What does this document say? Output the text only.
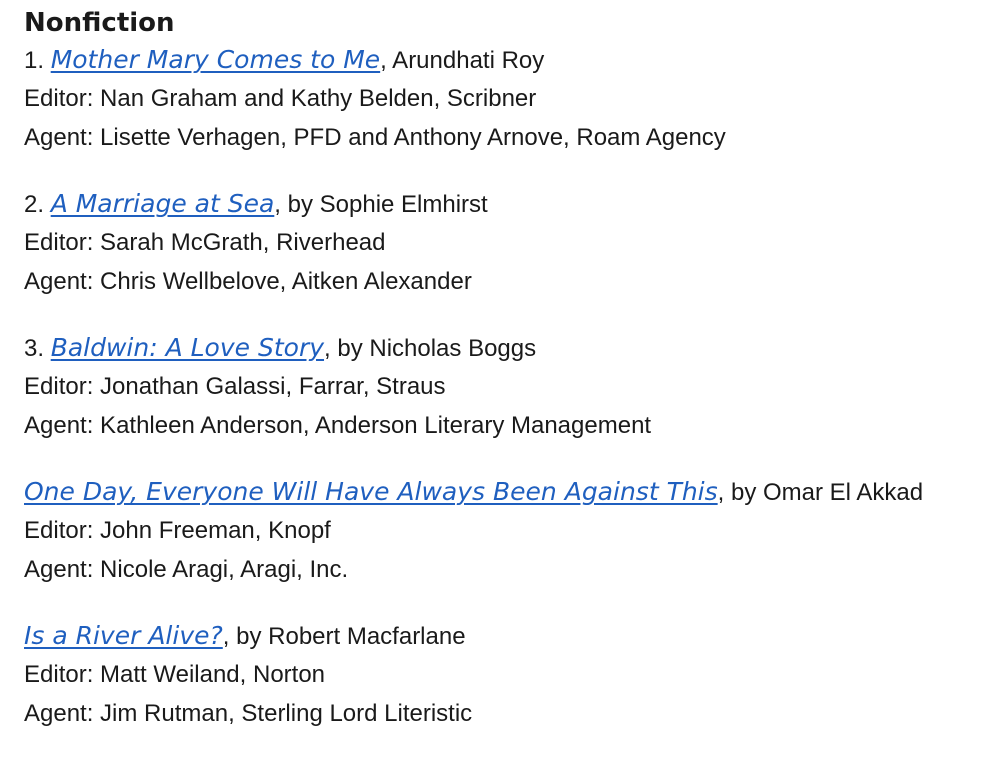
Nonfiction
1. Mother Mary Comes to Me, Arundhati Roy
Editor: Nan Graham and Kathy Belden, Scribner
Agent: Lisette Verhagen, PFD and Anthony Arnove, Roam Agency
2. A Marriage at Sea, by Sophie Elmhirst
Editor: Sarah McGrath, Riverhead
Agent: Chris Wellbelove, Aitken Alexander
3. Baldwin: A Love Story, by Nicholas Boggs
Editor: Jonathan Galassi, Farrar, Straus
Agent: Kathleen Anderson, Anderson Literary Management
One Day, Everyone Will Have Always Been Against This, by Omar El Akkad
Editor: John Freeman, Knopf
Agent: Nicole Aragi, Aragi, Inc.
Is a River Alive?, by Robert Macfarlane
Editor: Matt Weiland, Norton
Agent: Jim Rutman, Sterling Lord Literistic
